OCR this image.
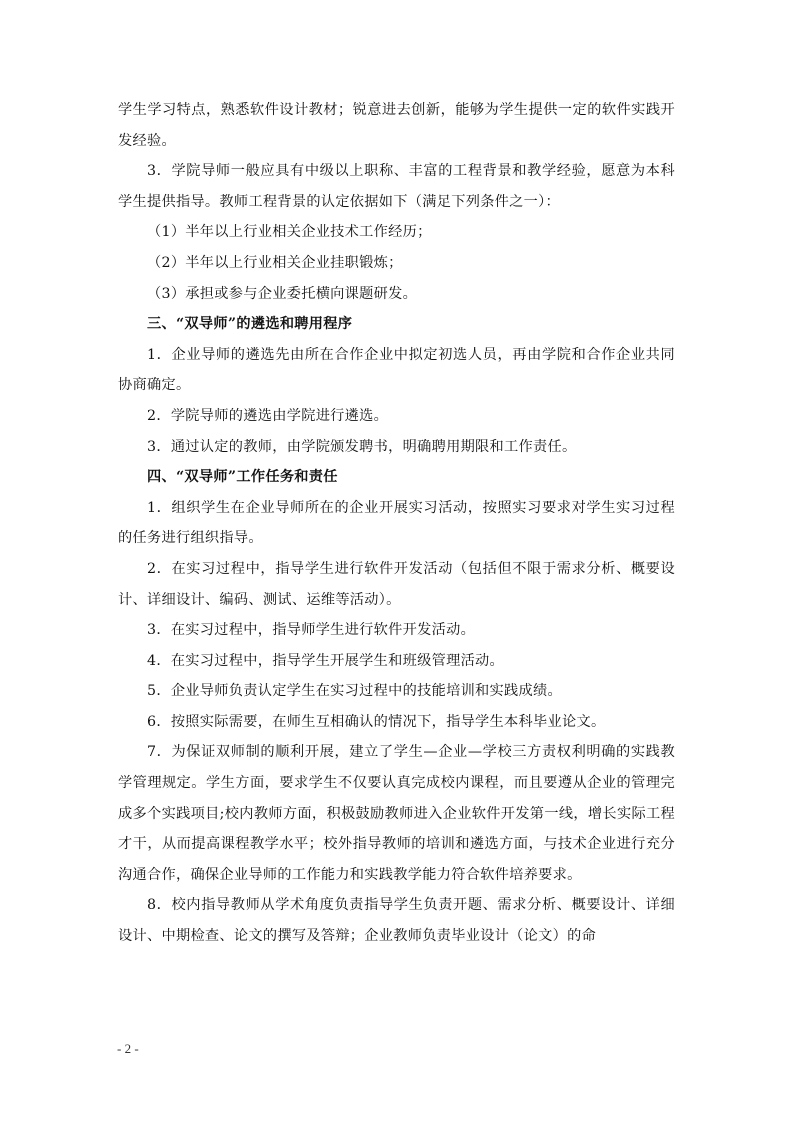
学生学习特点，熟悉软件设计教材；锐意进去创新，能够为学生提供一定的软件实践开发经验。

3．学院导师一般应具有中级以上职称、丰富的工程背景和教学经验，愿意为本科学生提供指导。教师工程背景的认定依据如下（满足下列条件之一）：

（1）半年以上行业相关企业技术工作经历；

（2）半年以上行业相关企业挂职锻炼；

（3）承担或参与企业委托横向课题研发。

三、“双导师”的遴选和聘用程序

1．企业导师的遴选先由所在合作企业中拟定初选人员，再由学院和合作企业共同协商确定。

2．学院导师的遴选由学院进行遴选。

3．通过认定的教师，由学院颁发聘书，明确聘用期限和工作责任。

四、“双导师”工作任务和责任

1．组织学生在企业导师所在的企业开展实习活动，按照实习要求对学生实习过程的任务进行组织指导。

2．在实习过程中，指导学生进行软件开发活动（包括但不限于需求分析、概要设计、详细设计、编码、测试、运维等活动）。

3．在实习过程中，指导师学生进行软件开发活动。

4．在实习过程中，指导学生开展学生和班级管理活动。

5．企业导师负责认定学生在实习过程中的技能培训和实践成绩。

6．按照实际需要，在师生互相确认的情况下，指导学生本科毕业论文。

7．为保证双师制的顺利开展，建立了学生—企业—学校三方责权利明确的实践教学管理规定。学生方面，要求学生不仅要认真完成校内课程，而且要遵从企业的管理完成多个实践项目;校内教师方面，积极鼓励教师进入企业软件开发第一线，增长实际工程才干，从而提高课程教学水平；校外指导教师的培训和遴选方面，与技术企业进行充分沟通合作，确保企业导师的工作能力和实践教学能力符合软件培养要求。

8．校内指导教师从学术角度负责指导学生负责开题、需求分析、概要设计、详细设计、中期检查、论文的撰写及答辩；企业教师负责毕业设计（论文）的命

- 2 -
